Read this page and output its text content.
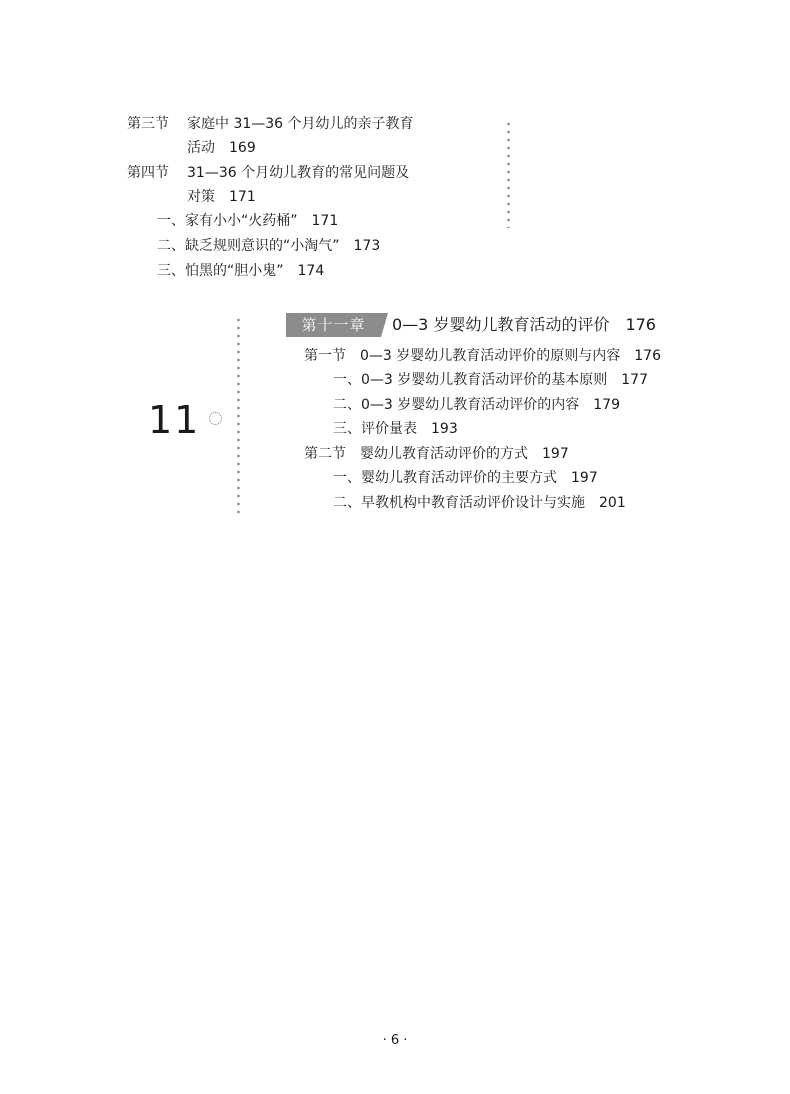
第三节 家庭中 31—36 个月幼儿的亲子教育
活动　169
第四节 31—36 个月幼儿教育的常见问题及
对策　171
一、家有小小“火药桶”　171
二、缺乏规则意识的“小淘气”　173
三、怕黑的“胆小鬼”　174
11
第十一章	0—3 岁婴幼儿教育活动的评价　176
第一节　0—3 岁婴幼儿教育活动评价的原则与内容　176
一、0—3 岁婴幼儿教育活动评价的基本原则　177
二、0—3 岁婴幼儿教育活动评价的内容　179
三、评价量表　193
第二节　婴幼儿教育活动评价的方式　197
一、婴幼儿教育活动评价的主要方式　197
二、早教机构中教育活动评价设计与实施　201
· 6 ·
